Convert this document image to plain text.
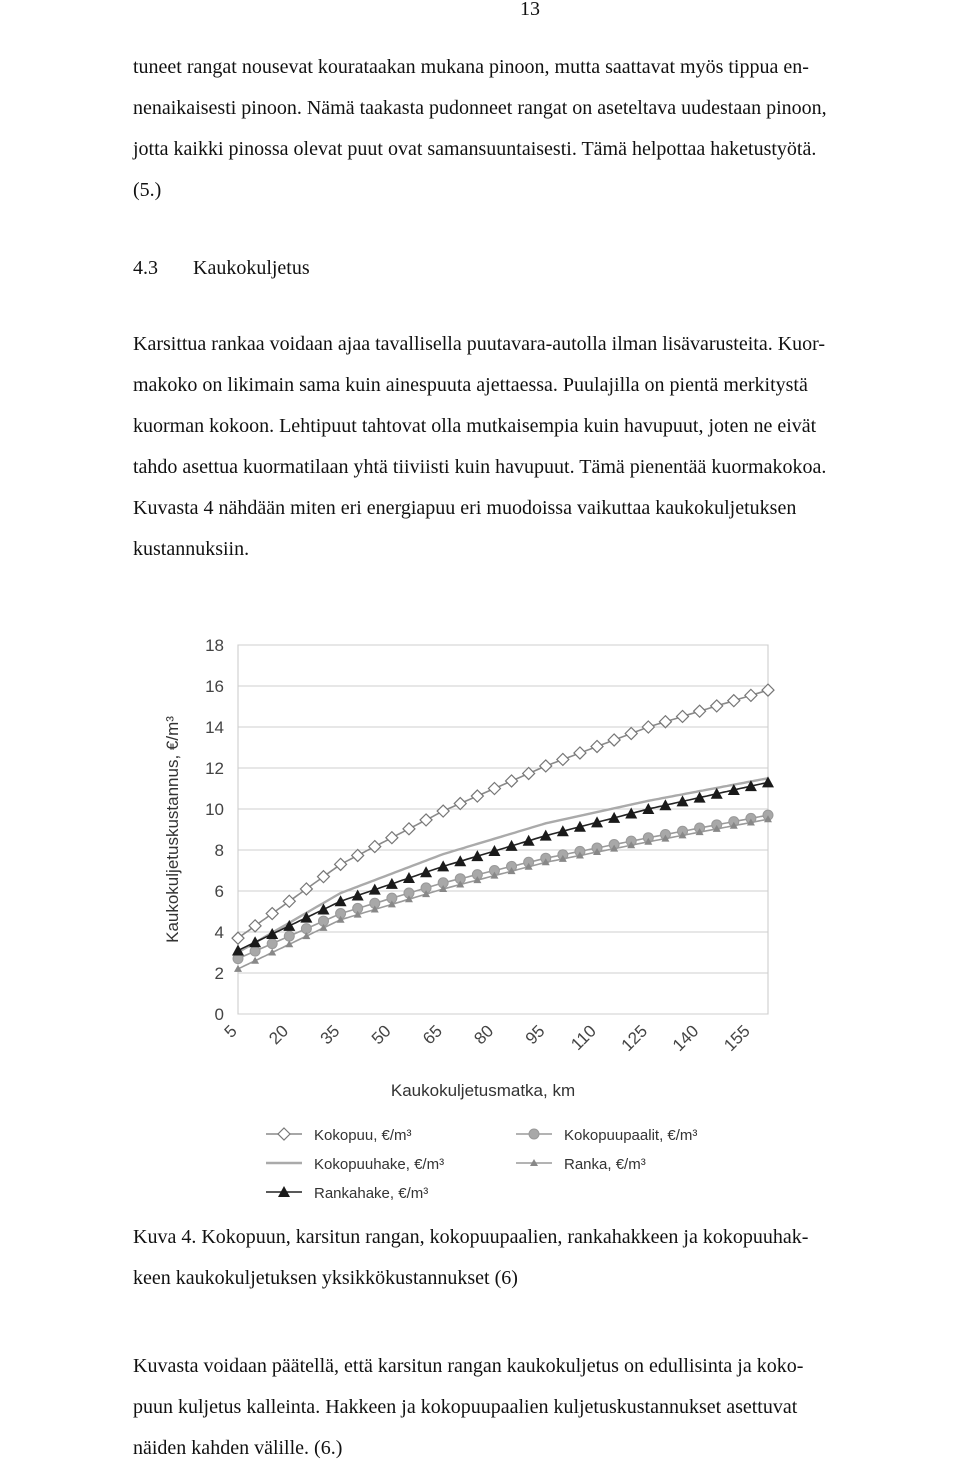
13

tuneet rangat nousevat kourataakan mukana pinoon, mutta saattavat myös tippua en-
nenaikaisesti pinoon. Nämä taakasta pudonneet rangat on aseteltava uudestaan pinoon,
jotta kaikki pinossa olevat puut ovat samansuuntaisesti. Tämä helpottaa haketustyötä.
(5.)

4.3 Kaukokuljetus

Karsittua rankaa voidaan ajaa tavallisella puutavara-autolla ilman lisävarusteita. Kuor-
makoko on likimain sama kuin ainespuuta ajettaessa. Puulajilla on pientä merkitystä
kuorman kokoon. Lehtipuut tahtovat olla mutkaisempia kuin havupuut, joten ne eivät
tahdo asettua kuormatilaan yhtä tiiviisti kuin havupuut. Tämä pienentää kuormakokoa.
Kuvasta 4 nähdään miten eri energiapuu eri muodoissa vaikuttaa kaukokuljetuksen
kustannuksiin.

0
2
4
6
8
10
12
14
16
18
5 20 35 50 65 80 95 110 125 140 155
Kaukokuljetusmatka, km
Kaukokuljetuskustannus, €/m³
Kokopuu, €/m³	Kokopuupaalit, €/m³
Kokopuuhake, €/m³	Ranka, €/m³
Rankahake, €/m³

Kuva 4. Kokopuun, karsitun rangan, kokopuupaalien, rankahakkeen ja kokopuuhak-
keen kaukokuljetuksen yksikkökustannukset (6)

Kuvasta voidaan päätellä, että karsitun rangan kaukokuljetus on edullisinta ja koko-
puun kuljetus kalleinta. Hakkeen ja kokopuupaalien kuljetuskustannukset asettuvat
näiden kahden välille. (6.)
